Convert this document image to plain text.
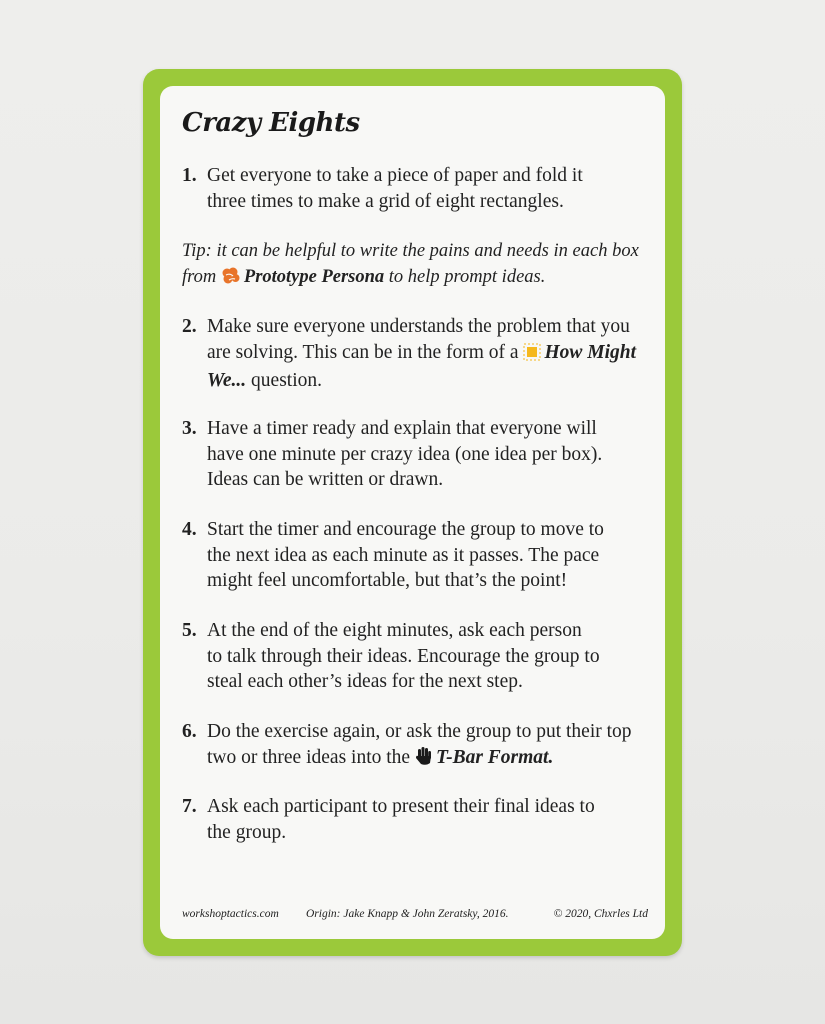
Crazy Eights
1. Get everyone to take a piece of paper and fold it
three times to make a grid of eight rectangles.
Tip: it can be helpful to write the pains and needs in each box from Prototype Persona to help prompt ideas.
2. Make sure everyone understands the problem that you are solving. This can be in the form of a How Might We... question.
3. Have a timer ready and explain that everyone will
have one minute per crazy idea (one idea per box).
Ideas can be written or drawn.
4. Start the timer and encourage the group to move to
the next idea as each minute as it passes. The pace
might feel uncomfortable, but that’s the point!
5. At the end of the eight minutes, ask each person
to talk through their ideas. Encourage the group to
steal each other’s ideas for the next step.
6. Do the exercise again, or ask the group to put their top two or three ideas into the T-Bar Format.
7. Ask each participant to present their final ideas to
the group.
workshoptactics.com Origin: Jake Knapp & John Zeratsky, 2016.	© 2020, Chxrles Ltd
